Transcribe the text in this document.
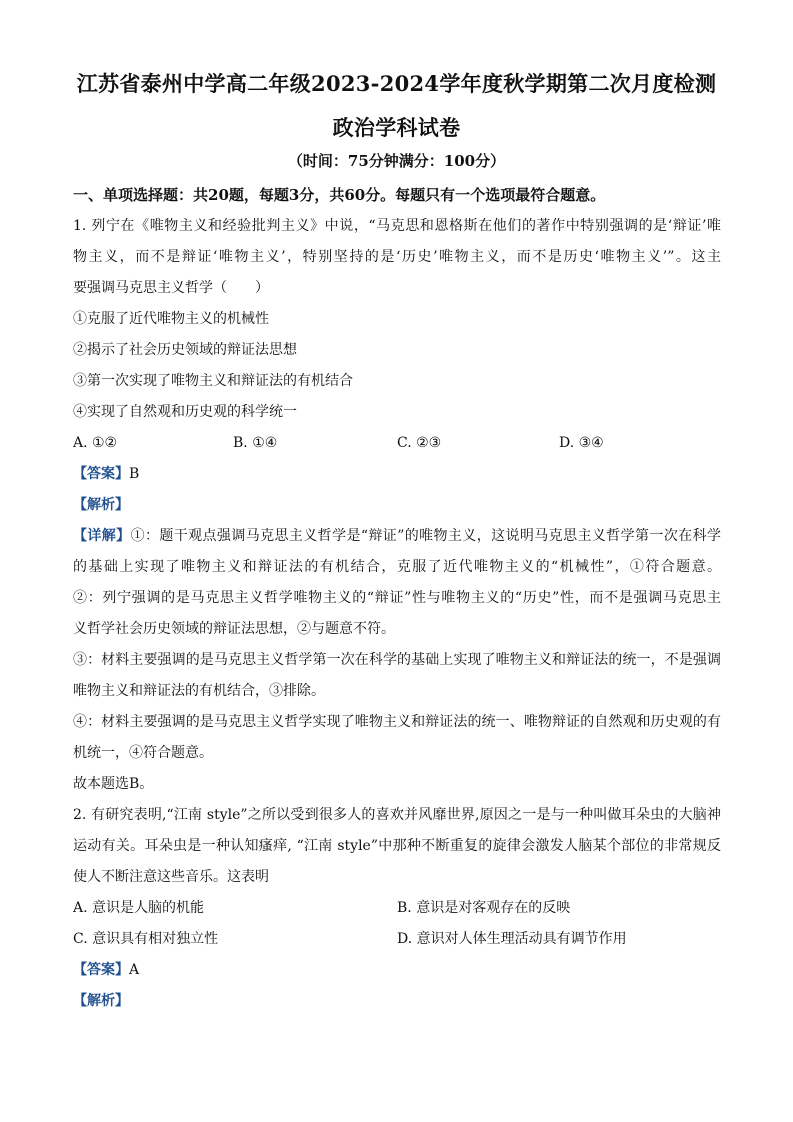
江苏省泰州中学高二年级2023-2024学年度秋学期第二次月度检测
政治学科试卷
（时间：75分钟满分：100分）
一、单项选择题：共20题，每题3分，共60分。每题只有一个选项最符合题意。
1. 列宁在《唯物主义和经验批判主义》中说，“马克思和恩格斯在他们的著作中特别强调的是‘辩证’唯
物主义，而不是辩证‘唯物主义’，特别坚持的是‘历史’唯物主义，而不是历史‘唯物主义’”。这主
要强调马克思主义哲学（　　）
①克服了近代唯物主义的机械性
②揭示了社会历史领域的辩证法思想
③第一次实现了唯物主义和辩证法的有机结合
④实现了自然观和历史观的科学统一
A. ①②	B. ①④	C. ②③	D. ③④
【答案】B
【解析】
【详解】①：题干观点强调马克思主义哲学是“辩证”的唯物主义，这说明马克思主义哲学第一次在科学
的基础上实现了唯物主义和辩证法的有机结合，克服了近代唯物主义的“机械性”，①符合题意。
②：列宁强调的是马克思主义哲学唯物主义的“辩证”性与唯物主义的“历史”性，而不是强调马克思主
义哲学社会历史领域的辩证法思想，②与题意不符。
③：材料主要强调的是马克思主义哲学第一次在科学的基础上实现了唯物主义和辩证法的统一，不是强调
唯物主义和辩证法的有机结合，③排除。
④：材料主要强调的是马克思主义哲学实现了唯物主义和辩证法的统一、唯物辩证的自然观和历史观的有
机统一，④符合题意。
故本题选B。
2. 有研究表明,“江南 style”之所以受到很多人的喜欢并风靡世界,原因之一是与一种叫做耳朵虫的大脑神
运动有关。耳朵虫是一种认知瘙痒, “江南 style”中那种不断重复的旋律会激发人脑某个部位的非常规反
使人不断注意这些音乐。这表明
A. 意识是人脑的机能	B. 意识是对客观存在的反映
C. 意识具有相对独立性	D. 意识对人体生理活动具有调节作用
【答案】A
【解析】
